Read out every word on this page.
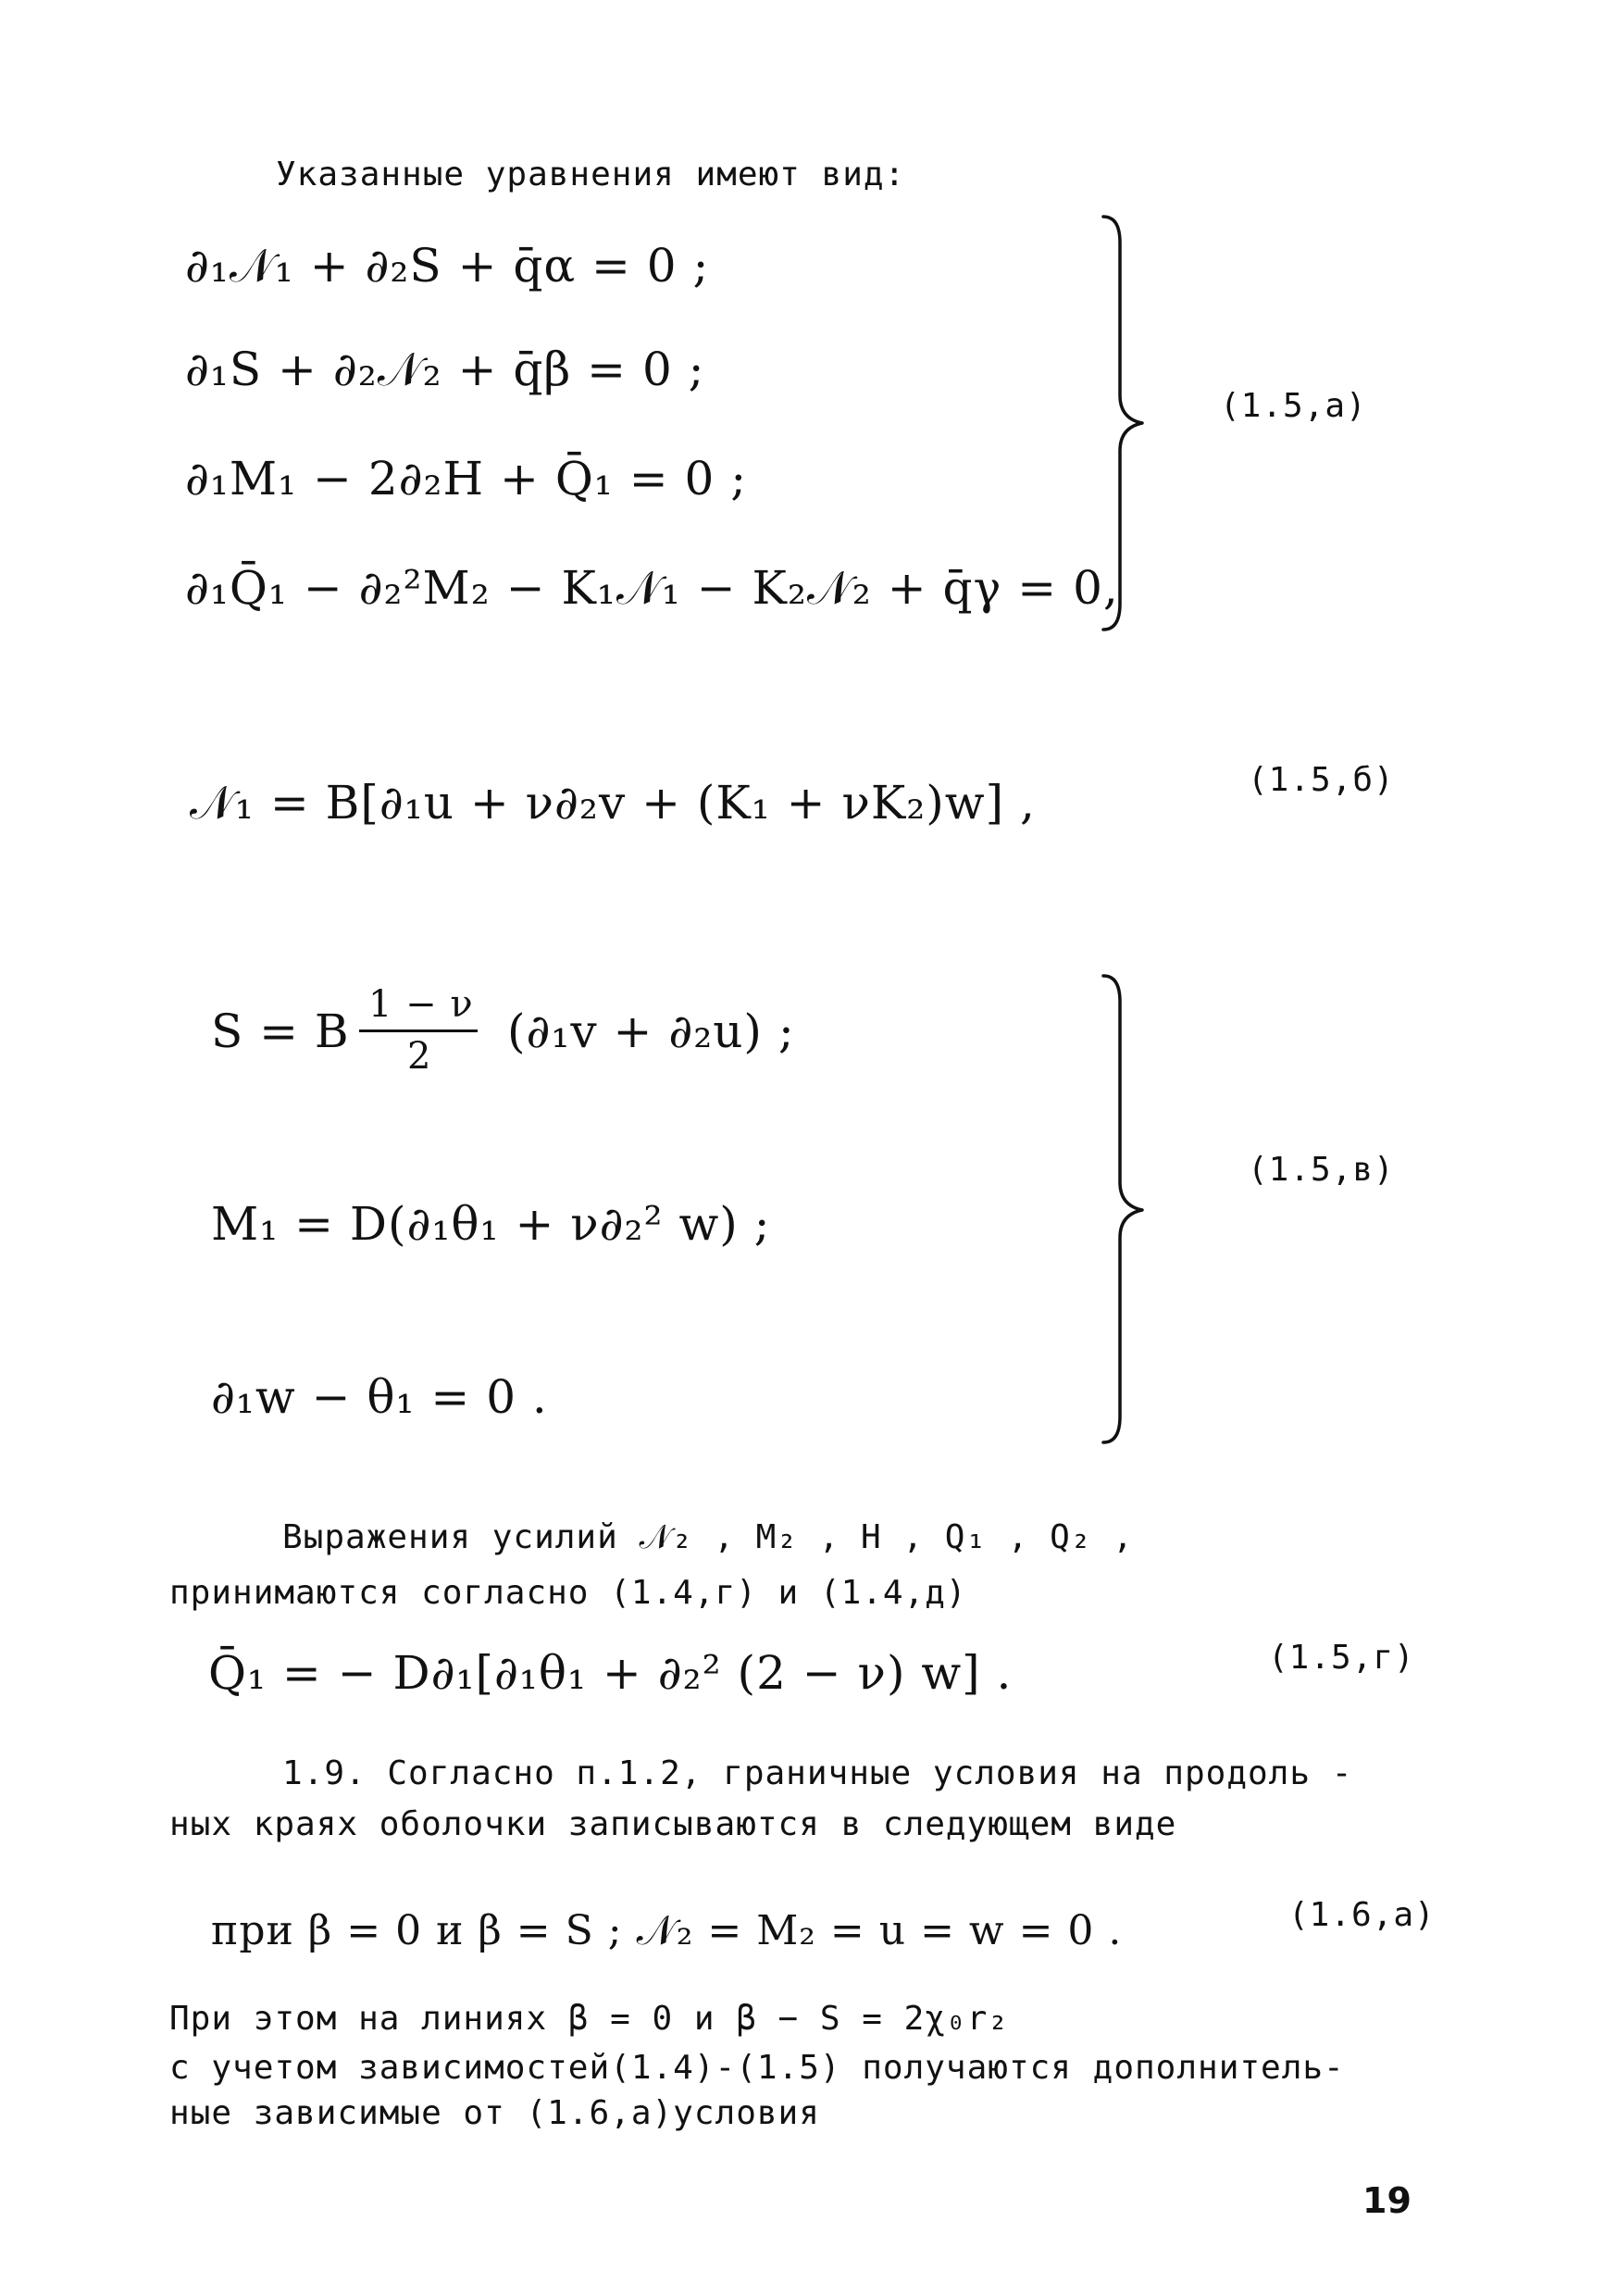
Указанные уравнения имеют вид:
∂₁𝒩₁ + ∂₂S + q̄α = 0 ;
∂₁S + ∂₂𝒩₂ + q̄β = 0 ;
∂₁M₁ − 2∂₂H + Q̄₁ = 0 ;
∂₁Q̄₁ − ∂₂²M₂ − K₁𝒩₁ − K₂𝒩₂ + q̄γ = 0,
(1.5,a)
𝒩₁ = B[∂₁u + ν∂₂v + (K₁ + νK₂)w] ,	(1.5,б)
S = B 1 − ν
2 (∂₁v + ∂₂u) ;
M₁ = D(∂₁θ₁ + ν∂₂² w) ;
∂₁w − θ₁ = 0 .
(1.5,в)
Выражения усилий 𝒩₂ , M₂ , H , Q₁ , Q₂ ,
принимаются согласно (1.4,г) и (1.4,д)
Q̄₁ = − D∂₁[∂₁θ₁ + ∂₂² (2 − ν) w] .	(1.5,г)
1.9. Согласно п.1.2, граничные условия на продоль -
ных краях оболочки записываются в следующем виде
при β = 0 и β = S ; 𝒩₂ = M₂ = u = w = 0 .	(1.6,a)
При этом на линиях β = 0 и β − S = 2χ₀r₂
с учетом зависимостей(1.4)-(1.5) получаются дополнитель-
ные зависимые от (1.6,a)условия
19
